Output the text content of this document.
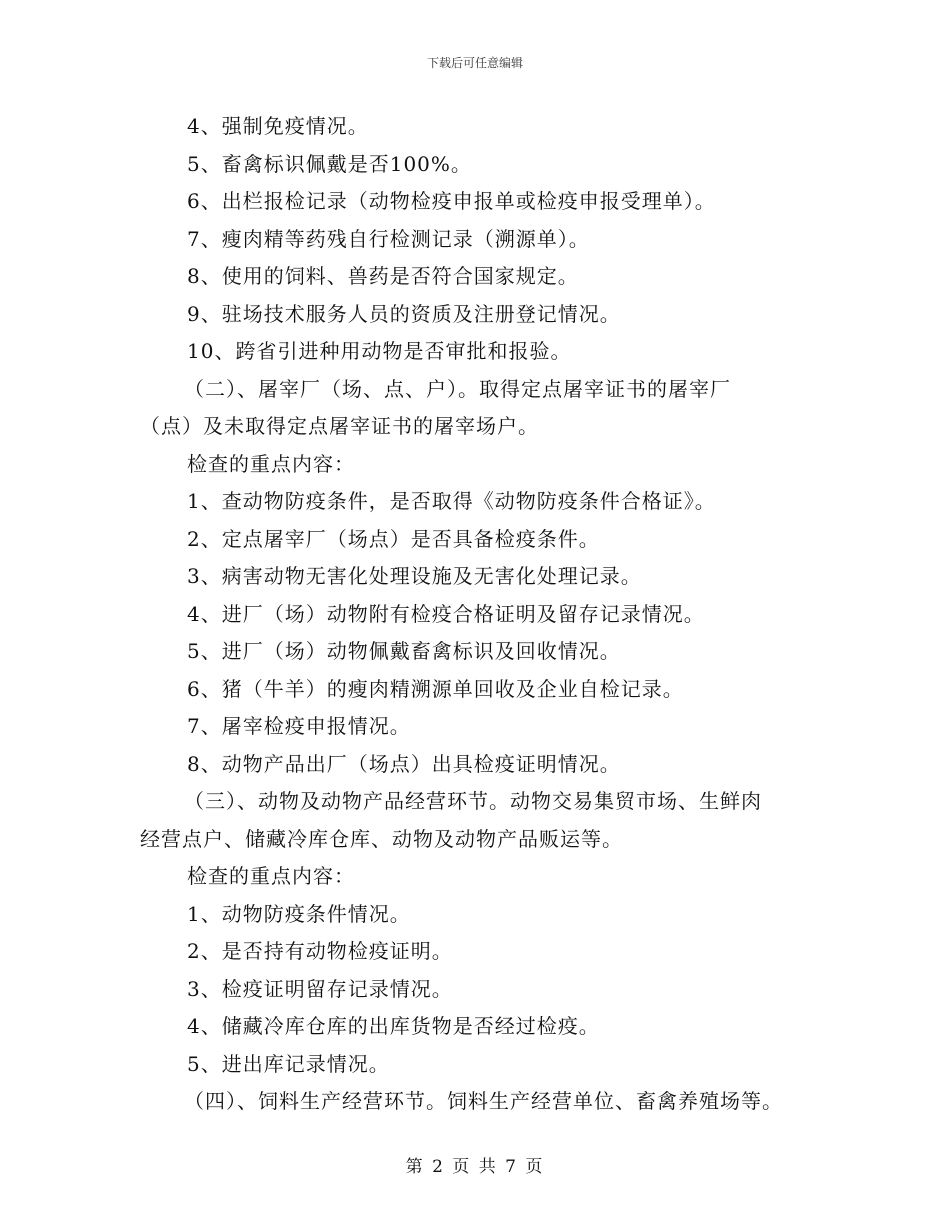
下载后可任意编辑
4、强制免疫情况。
5、畜禽标识佩戴是否100%。
6、出栏报检记录（动物检疫申报单或检疫申报受理单）。
7、瘦肉精等药残自行检测记录（溯源单）。
8、使用的饲料、兽药是否符合国家规定。
9、驻场技术服务人员的资质及注册登记情况。
10、跨省引进种用动物是否审批和报验。
（二）、屠宰厂（场、点、户）。取得定点屠宰证书的屠宰厂
（点）及未取得定点屠宰证书的屠宰场户。
检查的重点内容：
1、查动物防疫条件，是否取得《动物防疫条件合格证》。
2、定点屠宰厂（场点）是否具备检疫条件。
3、病害动物无害化处理设施及无害化处理记录。
4、进厂（场）动物附有检疫合格证明及留存记录情况。
5、进厂（场）动物佩戴畜禽标识及回收情况。
6、猪（牛羊）的瘦肉精溯源单回收及企业自检记录。
7、屠宰检疫申报情况。
8、动物产品出厂（场点）出具检疫证明情况。
（三）、动物及动物产品经营环节。动物交易集贸市场、生鲜肉
经营点户、储藏冷库仓库、动物及动物产品贩运等。
检查的重点内容：
1、动物防疫条件情况。
2、是否持有动物检疫证明。
3、检疫证明留存记录情况。
4、储藏冷库仓库的出库货物是否经过检疫。
5、进出库记录情况。
（四）、饲料生产经营环节。饲料生产经营单位、畜禽养殖场等。
第 2 页 共 7 页
